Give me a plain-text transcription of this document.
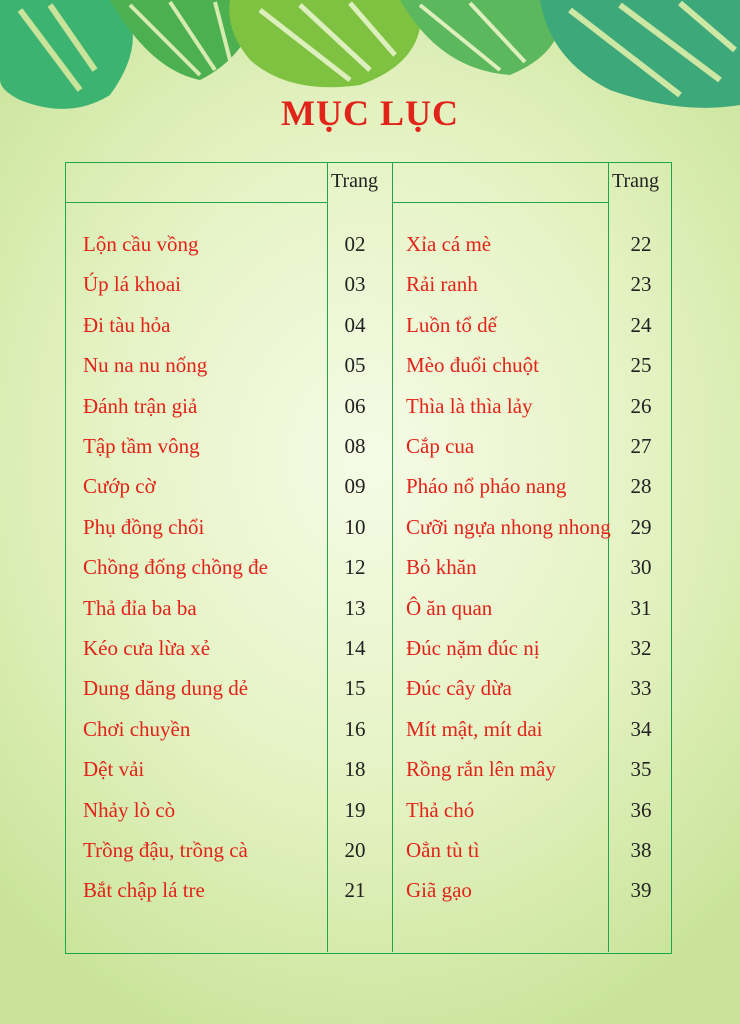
MỤC LỤC
Trang	Trang
Lộn cầu vồng	02
Úp lá khoai	03
Đi tàu hỏa	04
Nu na nu nống	05
Đánh trận giả	06
Tập tầm vông	08
Cướp cờ	09
Phụ đồng chổi	10
Chồng đống chồng đe	12
Thả đỉa ba ba	13
Kéo cưa lừa xẻ	14
Dung dăng dung dẻ	15
Chơi chuyền	16
Dệt vải	18
Nhảy lò cò	19
Trồng đậu, trồng cà	20
Bắt chập lá tre	21
Xỉa cá mè	22
Rải ranh	23
Luồn tổ dế	24
Mèo đuổi chuột	25
Thìa là thìa lảy	26
Cắp cua	27
Pháo nổ pháo nang	28
Cưỡi ngựa nhong nhong 29
Bỏ khăn	30
Ô ăn quan	31
Đúc nặm đúc nị	32
Đúc cây dừa	33
Mít mật, mít dai	34
Rồng rắn lên mây	35
Thả chó	36
Oẳn tù tì	38
Giã gạo	39
